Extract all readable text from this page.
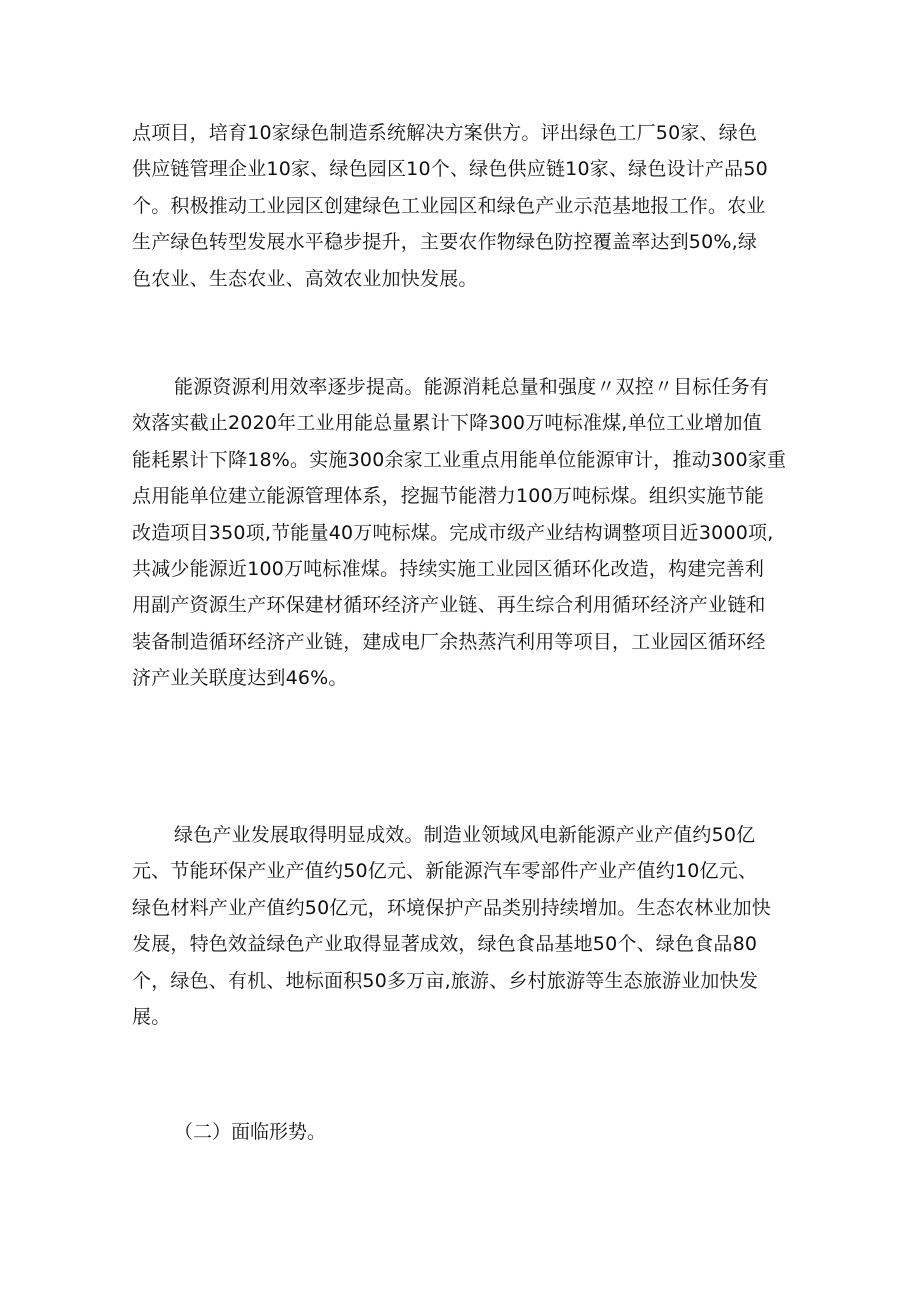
点项目，培育10家绿色制造系统解决方案供方。评出绿色工厂50家、绿色
供应链管理企业10家、绿色园区10个、绿色供应链10家、绿色设计产品50
个。积极推动工业园区创建绿色工业园区和绿色产业示范基地报工作。农业
生产绿色转型发展水平稳步提升，主要农作物绿色防控覆盖率达到50%,绿
色农业、生态农业、高效农业加快发展。
能源资源利用效率逐步提高。能源消耗总量和强度〃双控〃目标任务有
效落实截止2020年工业用能总量累计下降300万吨标准煤,单位工业增加值
能耗累计下降18%。实施300余家工业重点用能单位能源审计，推动300家重
点用能单位建立能源管理体系，挖掘节能潜力100万吨标煤。组织实施节能
改造项目350项,节能量40万吨标煤。完成市级产业结构调整项目近3000项,
共减少能源近100万吨标准煤。持续实施工业园区循环化改造，构建完善利
用副产资源生产环保建材循环经济产业链、再生综合利用循环经济产业链和
装备制造循环经济产业链，建成电厂余热蒸汽利用等项目，工业园区循环经
济产业关联度达到46%。
绿色产业发展取得明显成效。制造业领域风电新能源产业产值约50亿
元、节能环保产业产值约50亿元、新能源汽车零部件产业产值约10亿元、
绿色材料产业产值约50亿元，环境保护产品类别持续增加。生态农林业加快
发展，特色效益绿色产业取得显著成效，绿色食品基地50个、绿色食品80
个，绿色、有机、地标面积50多万亩,旅游、乡村旅游等生态旅游业加快发
展。

（二）面临形势。
